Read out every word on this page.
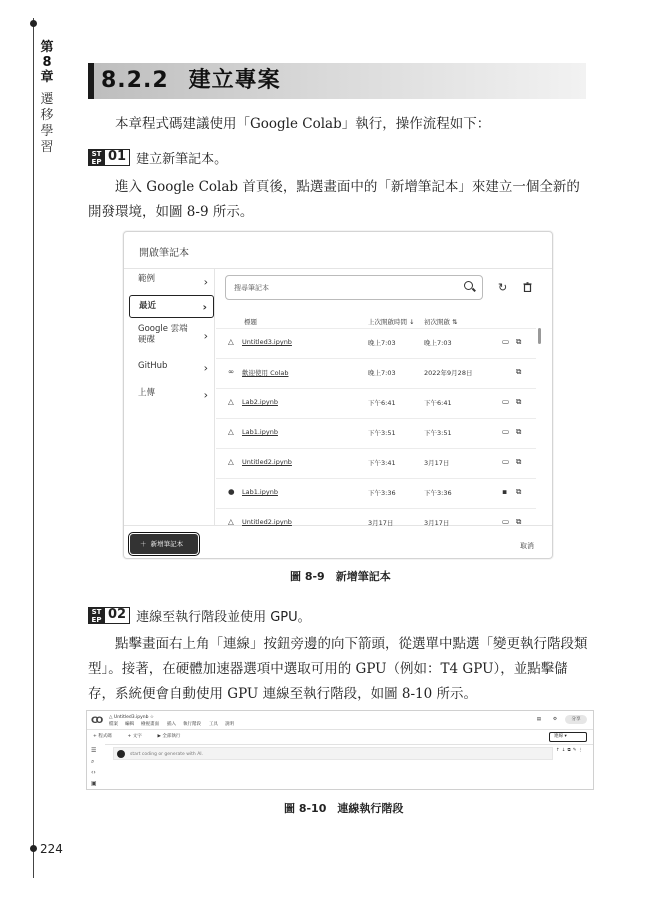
第
8
章
遷
移
學
習
224
8.2.2 建立專案

本章程式碼建議使用「Google Colab」執行，操作流程如下：

ST
EP 01 建立新筆記本。

進入 Google Colab 首頁後，點選畫面中的「新增筆記本」來建立一個全新的開發環境，如圖 8-9 所示。

開啟筆記本
範例	›
最近	›
Google 雲端硬碟	›
GitHub	›
上傳	›
搜尋筆記本	↻
標題	上次開啟時間 ↓ 初次開啟 ⇅
＋ 新增筆記本	取消
△ Untitled3.ipynb	晚上7:03	晚上7:03	▭ ⧉
∞ 歡迎使用 Colab	晚上7:03	2022年9月28日	⧉
△ Lab2.ipynb	下午6:41	下午6:41	▭ ⧉
△ Lab1.ipynb	下午3:51	下午3:51	▭ ⧉
△ Untitled2.ipynb	下午3:41	3月17日	▭ ⧉
● Lab1.ipynb	下午3:36	下午3:36	▪ ⧉
△ Untitled2.ipynb	3月17日	3月17日	▭ ⧉
圖 8-9　新增筆記本
ST
EP 02 連線至執行階段並使用 GPU。

點擊畫面右上角「連線」按鈕旁邊的向下箭頭，從選單中點選「變更執行階段類型」。接著，在硬體加速器選項中選取可用的 GPU（例如：T4 GPU），並點擊儲存，系統便會自動使用 GPU 連線至執行階段，如圖 8-10 所示。

CO △ Untitled3.ipynb ☆
檔案 編輯 檢視畫面 插入 執行階段 工具 說明
分享
⚙
▤
+ 程式碼	+ 文字	▶ 全部執行	連線 ▾
☰
⌕
‹›
▣
↑↓⧉✎⋮
start coding or generate with AI.
圖 8-10　連線執行階段
